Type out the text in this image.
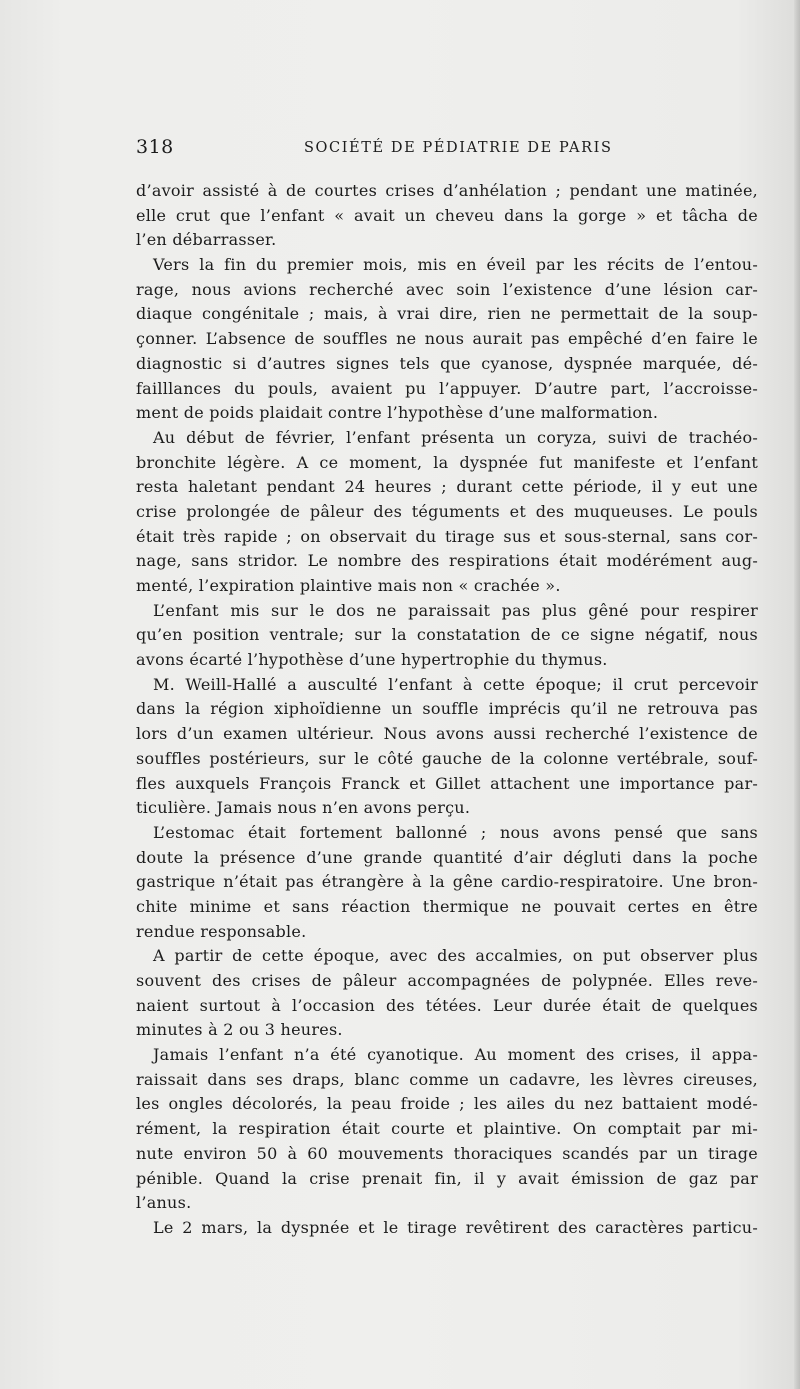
318	SOCIÉTÉ DE PÉDIATRIE DE PARIS
d’avoir assisté à de courtes crises d’anhélation ; pendant une matinée,
elle crut que l’enfant « avait un cheveu dans la gorge » et tâcha de
l’en débarrasser.
Vers la fin du premier mois, mis en éveil par les récits de l’entou-
rage, nous avions recherché avec soin l’existence d’une lésion car-
diaque congénitale ; mais, à vrai dire, rien ne permettait de la soup-
çonner. L’absence de souffles ne nous aurait pas empêché d’en faire le
diagnostic si d’autres signes tels que cyanose, dyspnée marquée, dé-
failllances du pouls, avaient pu l’appuyer. D’autre part, l’accroisse-
ment de poids plaidait contre l’hypothèse d’une malformation.
Au début de février, l’enfant présenta un coryza, suivi de trachéo-
bronchite légère. A ce moment, la dyspnée fut manifeste et l’enfant
resta haletant pendant 24 heures ; durant cette période, il y eut une
crise prolongée de pâleur des téguments et des muqueuses. Le pouls
était très rapide ; on observait du tirage sus et sous-sternal, sans cor-
nage, sans stridor. Le nombre des respirations était modérément aug-
menté, l’expiration plaintive mais non « crachée ».
L’enfant mis sur le dos ne paraissait pas plus gêné pour respirer
qu’en position ventrale; sur la constatation de ce signe négatif, nous
avons écarté l’hypothèse d’une hypertrophie du thymus.
M. Weill-Hallé a ausculté l’enfant à cette époque; il crut percevoir
dans la région xiphoïdienne un souffle imprécis qu’il ne retrouva pas
lors d’un examen ultérieur. Nous avons aussi recherché l’existence de
souffles postérieurs, sur le côté gauche de la colonne vertébrale, souf-
fles auxquels François Franck et Gillet attachent une importance par-
ticulière. Jamais nous n’en avons perçu.
L’estomac était fortement ballonné ; nous avons pensé que sans
doute la présence d’une grande quantité d’air dégluti dans la poche
gastrique n’était pas étrangère à la gêne cardio-respiratoire. Une bron-
chite minime et sans réaction thermique ne pouvait certes en être
rendue responsable.
A partir de cette époque, avec des accalmies, on put observer plus
souvent des crises de pâleur accompagnées de polypnée. Elles reve-
naient surtout à l’occasion des tétées. Leur durée était de quelques
minutes à 2 ou 3 heures.
Jamais l’enfant n’a été cyanotique. Au moment des crises, il appa-
raissait dans ses draps, blanc comme un cadavre, les lèvres cireuses,
les ongles décolorés, la peau froide ; les ailes du nez battaient modé-
rément, la respiration était courte et plaintive. On comptait par mi-
nute environ 50 à 60 mouvements thoraciques scandés par un tirage
pénible. Quand la crise prenait fin, il y avait émission de gaz par
l’anus.
Le 2 mars, la dyspnée et le tirage revêtirent des caractères particu-
